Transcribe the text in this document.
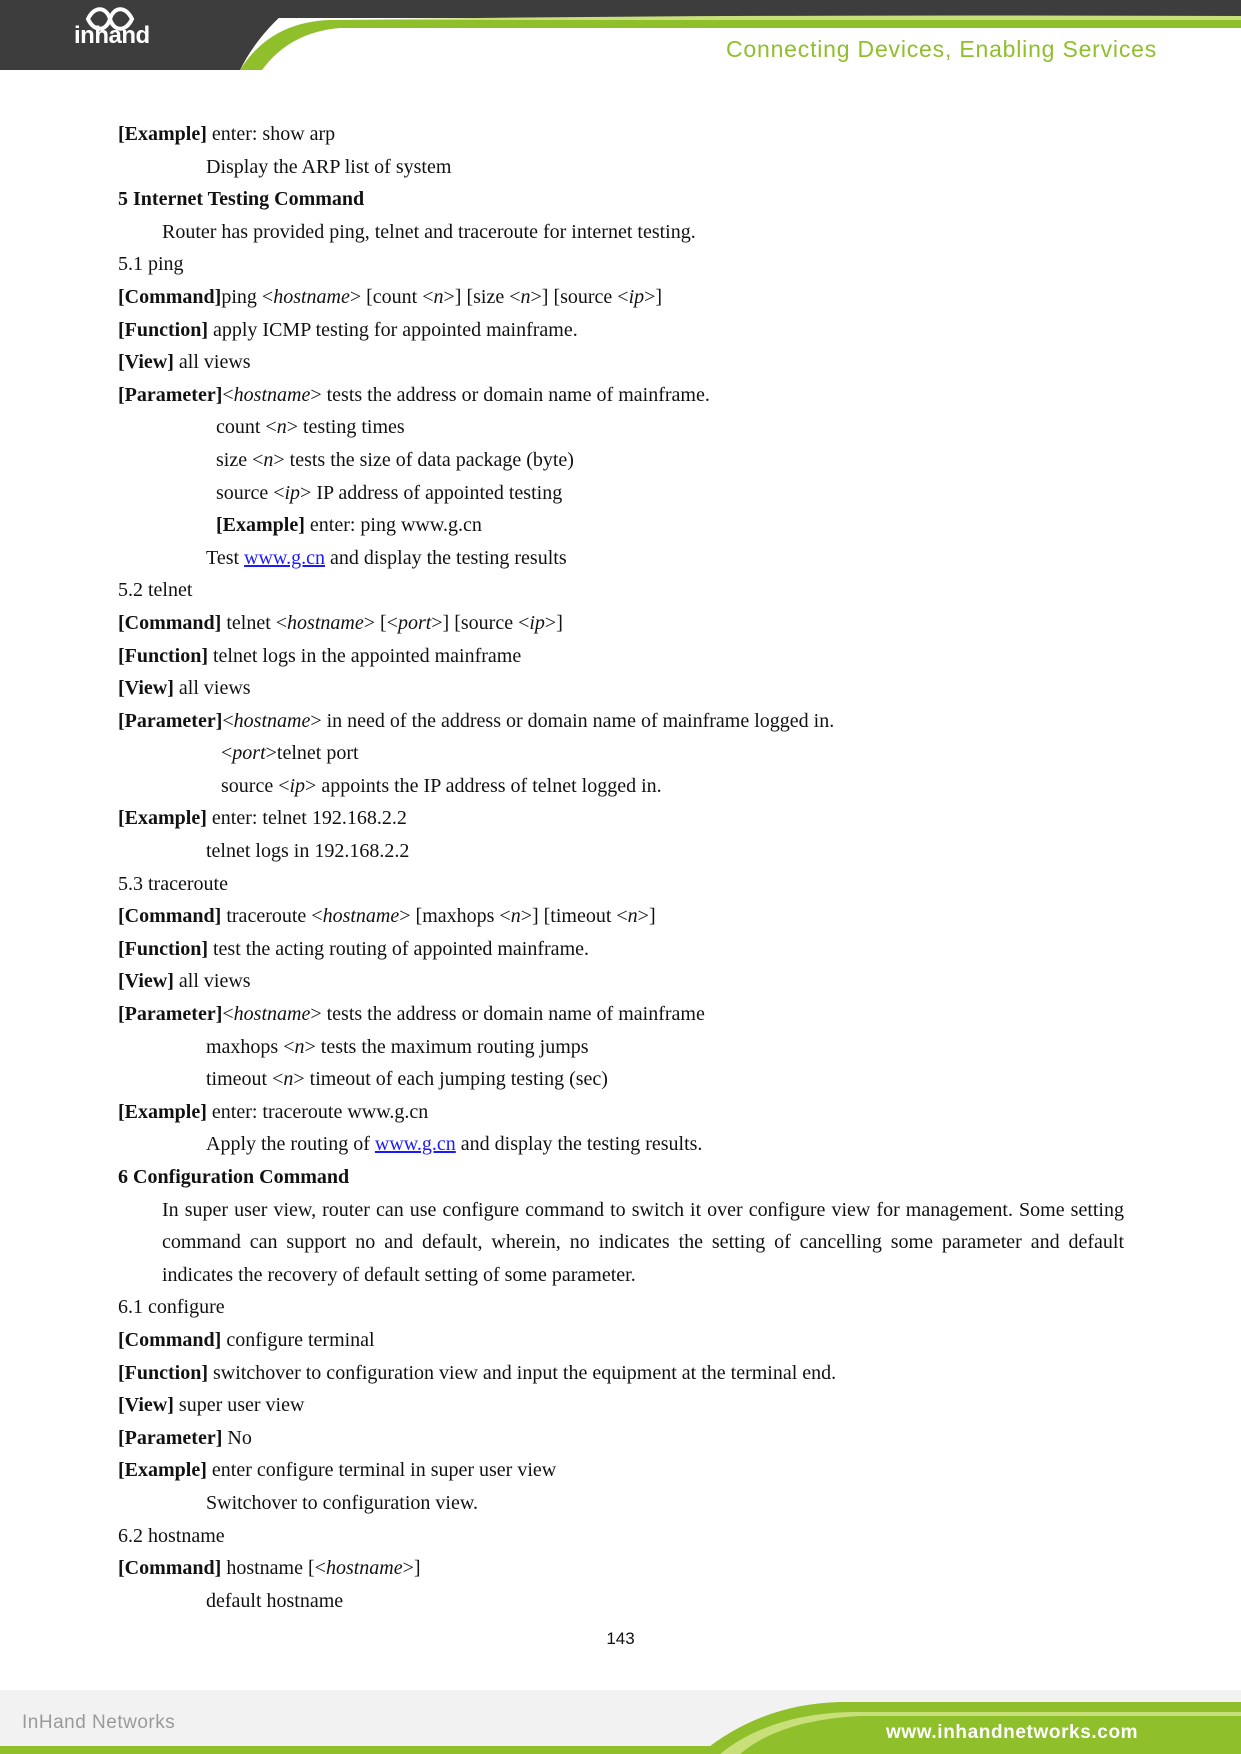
inhand	Connecting Devices, Enabling Services
[Example] enter: show arp
Display the ARP list of system
5 Internet Testing Command
Router has provided ping, telnet and traceroute for internet testing.
5.1 ping
[Command]ping <hostname> [count <n>] [size <n>] [source <ip>]
[Function] apply ICMP testing for appointed mainframe.
[View] all views
[Parameter]<hostname> tests the address or domain name of mainframe.
count <n> testing times
size <n> tests the size of data package (byte)
source <ip> IP address of appointed testing
[Example] enter: ping www.g.cn
Test www.g.cn and display the testing results
5.2 telnet
[Command] telnet <hostname> [<port>] [source <ip>]
[Function] telnet logs in the appointed mainframe
[View] all views
[Parameter]<hostname> in need of the address or domain name of mainframe logged in.
<port>telnet port
source <ip> appoints the IP address of telnet logged in.
[Example] enter: telnet 192.168.2.2
telnet logs in 192.168.2.2
5.3 traceroute
[Command] traceroute <hostname> [maxhops <n>] [timeout <n>]
[Function] test the acting routing of appointed mainframe.
[View] all views
[Parameter]<hostname> tests the address or domain name of mainframe
maxhops <n> tests the maximum routing jumps
timeout <n> timeout of each jumping testing (sec)
[Example] enter: traceroute www.g.cn
Apply the routing of www.g.cn and display the testing results.
6 Configuration Command
In super user view, router can use configure command to switch it over configure view for management. Some setting command can support no and default, wherein, no indicates the setting of cancelling some parameter and default indicates the recovery of default setting of some parameter.
6.1 configure
[Command] configure terminal
[Function] switchover to configuration view and input the equipment at the terminal end.
[View] super user view
[Parameter] No
[Example] enter configure terminal in super user view
Switchover to configuration view.
6.2 hostname
[Command] hostname [<hostname>]
default hostname
143
InHand Networks	www.inhandnetworks.com
